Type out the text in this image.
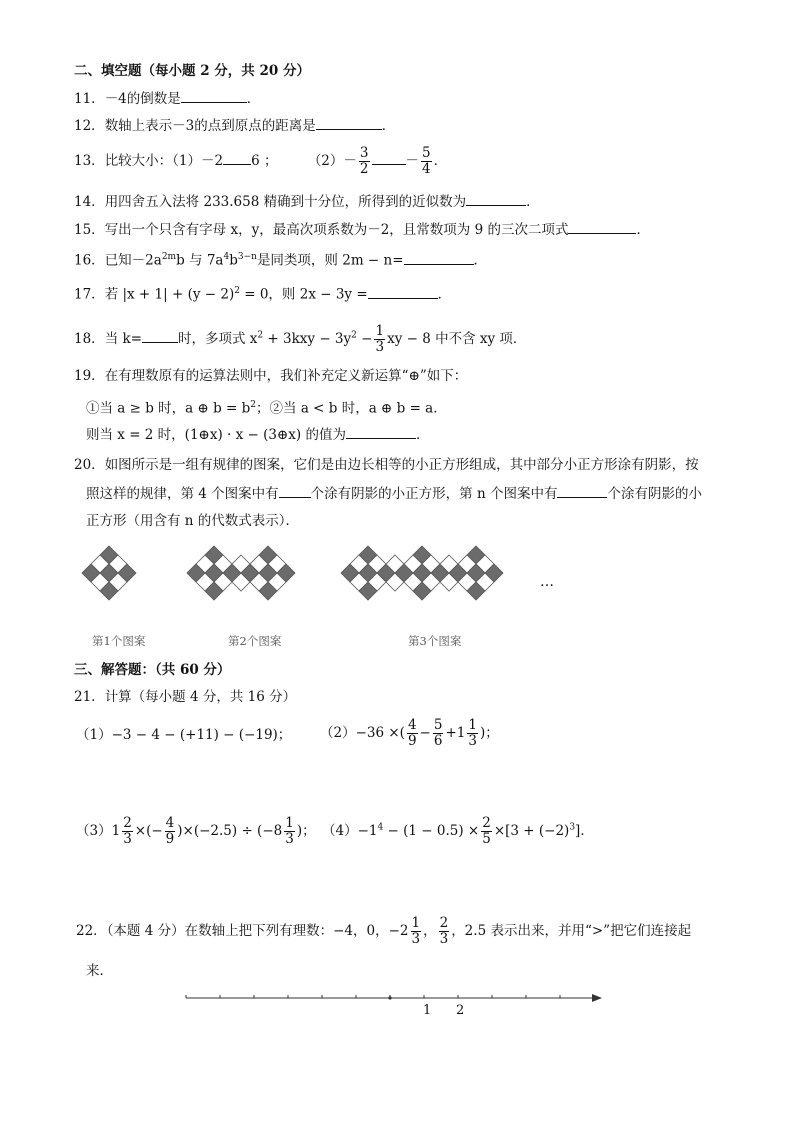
二、填空题（每小题 2 分，共 20 分）
11．－4的倒数是	．
12．数轴上表示－3的点到原点的距离是	．
13．比较大小：（1）－2 6 ； $(2)- \frac{3}{2}$	－ $\frac{5}{4}$ ．
14．用四舍五入法将 233.658 精确到十分位，所得到的近似数为	．
15．写出一个只含有字母 x，y，最高次项系数为－2，且常数项为 9 的三次二项式	．
16．已知$-2a^{2m}b$ 与 $7a^4b^{3-n}$是同类项，则 2m − n=	．
17．若 $|x + 1| + (y - 2)^2 = 0$，则 2x − 3y =	．
18．当 k=	时，多项式 $x^2 + 3kxy - 3y^2 - \frac{1}{3}$ xy − 8 中不含 xy 项．
19．在有理数原有的运算法则中，我们补充定义新运算“⊕”如下：
①当 a ≥ b 时，a ⊕ $b = b^2$；②当 a < b 时，a ⊕ b = a．
则当 x = 2 时，(1⊕x) · x − (3⊕x) 的值为	．
20．如图所示是一组有规律的图案，它们是由边长相等的小正方形组成，其中部分小正方形涂有阴影，按
照这样的规律，第 4 个图案中有 个涂有阴影的小正方形，第 n 个图案中有	个涂有阴影的小
正方形（用含有 n 的代数式表示）．
第1个图案	第2个图案	第3个图案
…
三、解答题：（共 60 分）
21．计算（每小题 4 分，共 16 分）
（1）−3 − 4 − (+11) − (−19)； （2）−36 ×( $\frac{4}{9} - \frac{5}{6} +1 \frac{1}{3}$ )；
$(3)1 \frac{2}{3}$ ×(− $\frac{4}{9} )\times(-2.5) \div (-8 \frac{1}{3}$ )； $(4)-1^4 - (1 - 0.5) \times \frac{2}{5} \times[3 + (-2)^3]$．
22．（本题 4 分）在数轴上把下列有理数：−4，0，$-2 \frac{1}{3}$ ， $\frac{2}{3}$ ，2.5 表示出来，并用“>”把它们连接起
来．
1 2
